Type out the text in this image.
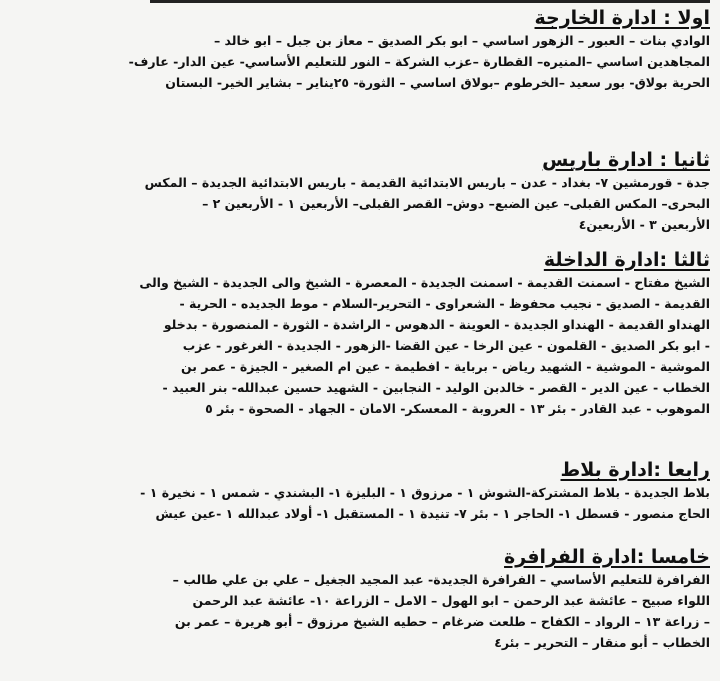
اولا : ادارة الخارجة
الوادي بنات – العبور – الزهور اساسي – ابو بكر الصديق – معاز بن جبل – ابو خالد –
المجاهدين اساسي –المنيره– القطارة –عزب الشركة – النور للتعليم الأساسي- عين الدار- عارف-
الحرية بولاق- بور سعيد –الخرطوم –بولاق اساسي – الثورة- ٢٥يناير – بشاير الخير- البستان
ثانيا : ادارة باريس
جدة - قورمشين ٧- بغداد - عدن – باريس الابتدائية القديمة - باريس الابتدائية الجديدة – المكس
البحرى– المكس القبلى– عين الضبع– دوش– القصر القبلى– الأربعين ١ - الأربعين ٢ –
الأربعين ٣ - الأربعين٤
ثالثا :ادارة الداخلة
الشيخ مفتاح - اسمنت القديمة - اسمنت الجديدة - المعصرة - الشيخ والى الجديدة - الشيخ والى
القديمة - الصديق - نجيب محفوظ - الشعراوى - التحرير-السلام - موط الجديده - الحرية -
الهنداو القديمة - الهنداو الجديدة - العوينة - الدهوس - الراشدة - الثورة - المنصورة - بدخلو
- ابو بكر الصديق - القلمون - عين الرخا - عين القضا -الزهور - الجديدة - الغرغور - عزب
الموشية - الموشية - الشهيد رياض - برباية - افطيمة - عين ام الصغير - الجيزة - عمر بن
الخطاب - عين الدير - القصر - خالدبن الوليد - النجابين - الشهيد حسين عبدالله- بنر العبيد -
الموهوب - عبد القادر - بئر ١٣ - العروبة - المعسكر- الامان - الجهاد - الصحوة - بئر ٥
رابعا :ادارة بلاط
بلاط الجديدة - بلاط المشتركة-الشوش ١ - مرزوق ١ - البليزة ١- البشندي - شمس ١ - نخيرة ١ -
الحاج منصور - قسطل ١- الحاجر ١ - بئر ٧- تنيدة ١ - المستقبل ١- أولاد عبدالله ١ -عين عيش
خامسا :ادارة الفرافرة
الفرافرة للتعليم الأساسي – الفرافرة الجديدة- عبد المجيد الجغيل – علي بن علي طالب –
اللواء صبيح – عائشة عبد الرحمن – ابو الهول – الامل – الزراعة ١٠- عائشة عبد الرحمن
– زراعة ١٣ – الرواد – الكفاح – طلعت ضرغام – حطيه الشيخ مرزوق – أبو هريرة – عمر بن
الخطاب – أبو منقار – التحرير – بئر٤
